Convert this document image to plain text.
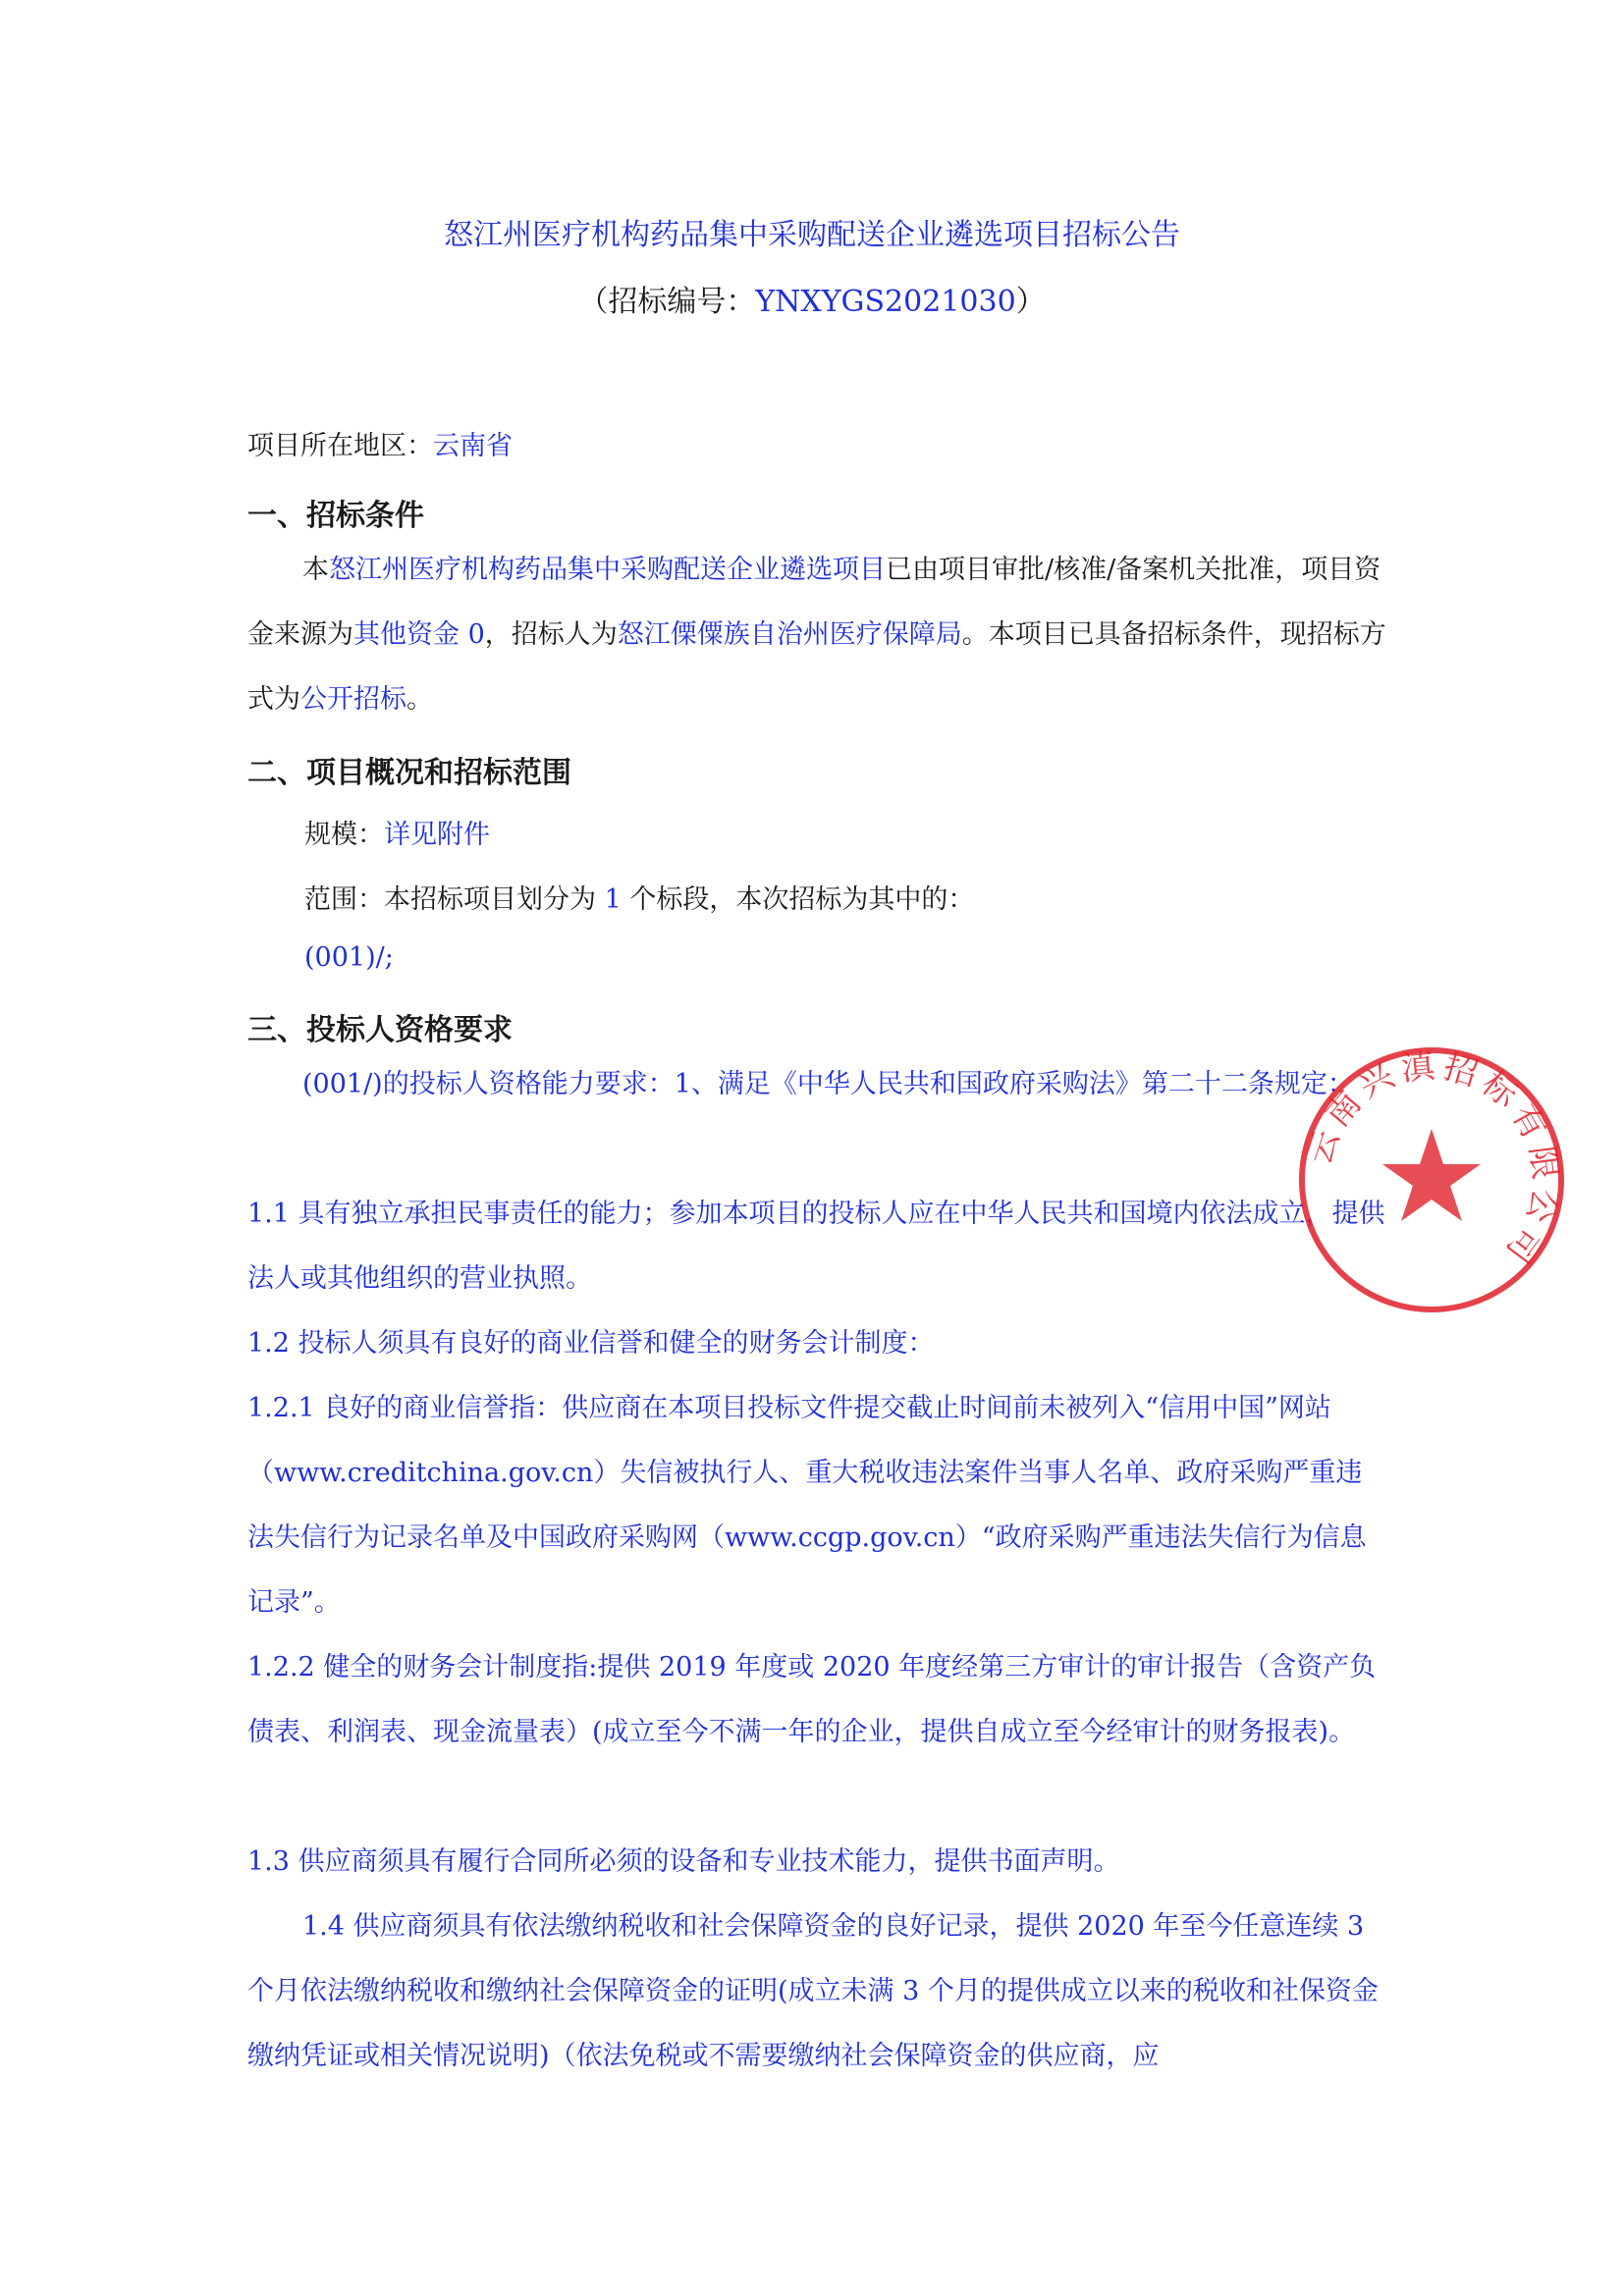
怒江州医疗机构药品集中采购配送企业遴选项目招标公告
（招标编号：YNXYGS2021030）
项目所在地区：云南省
一、招标条件

本怒江州医疗机构药品集中采购配送企业遴选项目已由项目审批/核准/备案机关批准，项目资金来源为其他资金 0，招标人为怒江傈僳族自治州医疗保障局。本项目已具备招标条件，现招标方式为公开招标。

二、项目概况和招标范围
规模：详见附件
范围：本招标项目划分为 1 个标段，本次招标为其中的：
(001)/;
三、投标人资格要求

(001/)的投标人资格能力要求：1、满足《中华人民共和国政府采购法》第二十二条规定：

1.1 具有独立承担民事责任的能力；参加本项目的投标人应在中华人民共和国境内依法成立，提供法人或其他组织的营业执照。

1.2 投标人须具有良好的商业信誉和健全的财务会计制度：

1.2.1 良好的商业信誉指：供应商在本项目投标文件提交截止时间前未被列入“信用中国”网站（www.creditchina.gov.cn）失信被执行人、重大税收违法案件当事人名单、政府采购严重违法失信行为记录名单及中国政府采购网（www.ccgp.gov.cn）“政府采购严重违法失信行为信息记录”。

1.2.2 健全的财务会计制度指:提供 2019 年度或 2020 年度经第三方审计的审计报告（含资产负债表、利润表、现金流量表）(成立至今不满一年的企业，提供自成立至今经审计的财务报表)。

1.3 供应商须具有履行合同所必须的设备和专业技术能力，提供书面声明。

1.4 供应商须具有依法缴纳税收和社会保障资金的良好记录，提供 2020 年至今任意连续 3 个月依法缴纳税收和缴纳社会保障资金的证明(成立未满 3 个月的提供成立以来的税收和社保资金缴纳凭证或相关情况说明)（依法免税或不需要缴纳社会保障资金的供应商，应

云南兴滇招标有限公司
